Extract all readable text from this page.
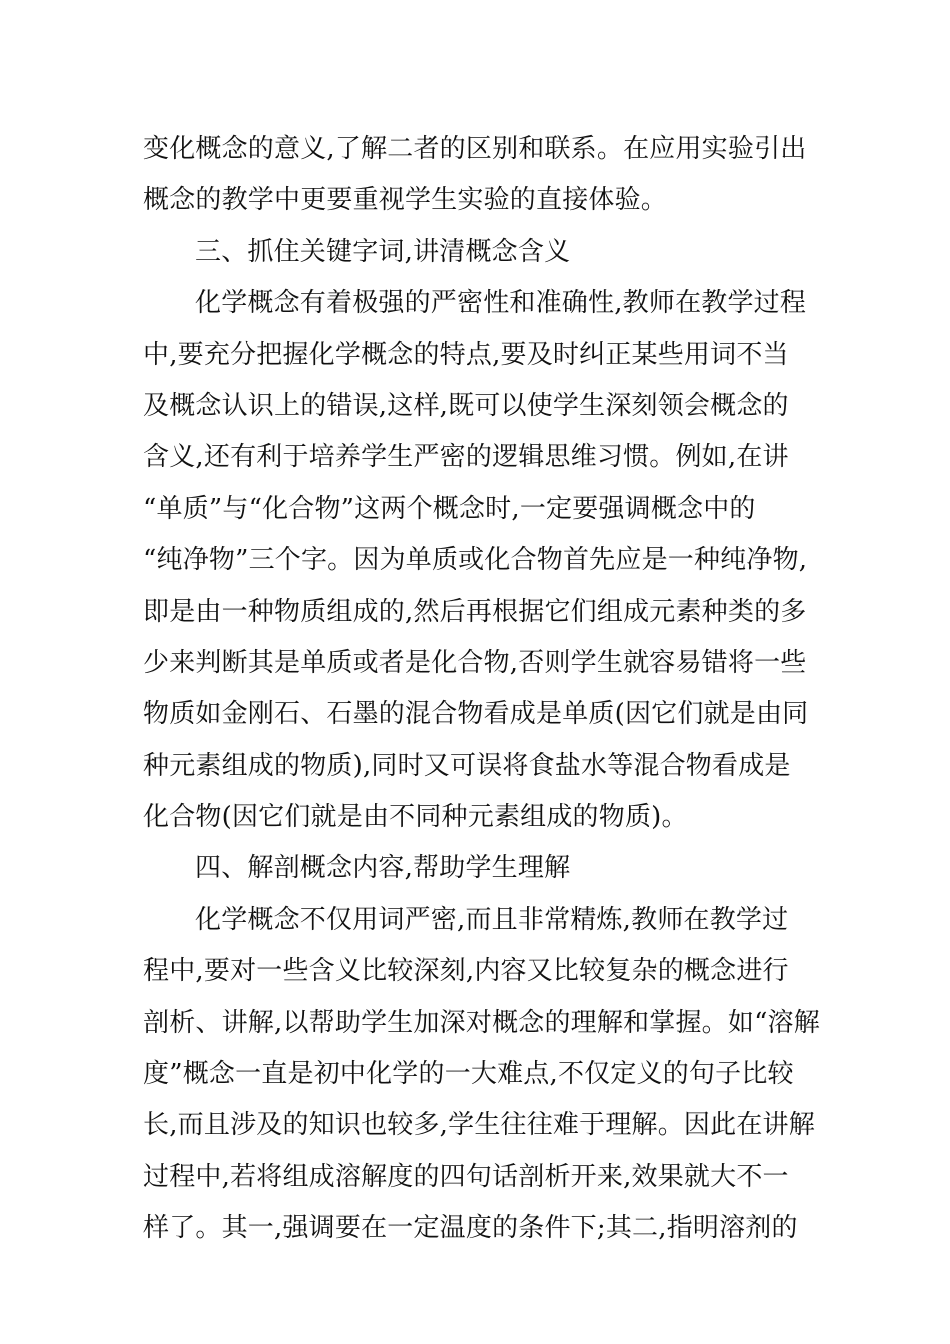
变化概念的意义,了解二者的区别和联系。在应用实验引出
概念的教学中更要重视学生实验的直接体验。
三、抓住关键字词,讲清概念含义
化学概念有着极强的严密性和准确性,教师在教学过程
中,要充分把握化学概念的特点,要及时纠正某些用词不当
及概念认识上的错误,这样,既可以使学生深刻领会概念的
含义,还有利于培养学生严密的逻辑思维习惯。例如,在讲
“单质”与“化合物”这两个概念时,一定要强调概念中的
“纯净物”三个字。因为单质或化合物首先应是一种纯净物,
即是由一种物质组成的,然后再根据它们组成元素种类的多
少来判断其是单质或者是化合物,否则学生就容易错将一些
物质如金刚石、石墨的混合物看成是单质(因它们就是由同
种元素组成的物质),同时又可误将食盐水等混合物看成是
化合物(因它们就是由不同种元素组成的物质)。
四、解剖概念内容,帮助学生理解
化学概念不仅用词严密,而且非常精炼,教师在教学过
程中,要对一些含义比较深刻,内容又比较复杂的概念进行
剖析、讲解,以帮助学生加深对概念的理解和掌握。如“溶解
度”概念一直是初中化学的一大难点,不仅定义的句子比较
长,而且涉及的知识也较多,学生往往难于理解。因此在讲解
过程中,若将组成溶解度的四句话剖析开来,效果就大不一
样了。其一,强调要在一定温度的条件下;其二,指明溶剂的
